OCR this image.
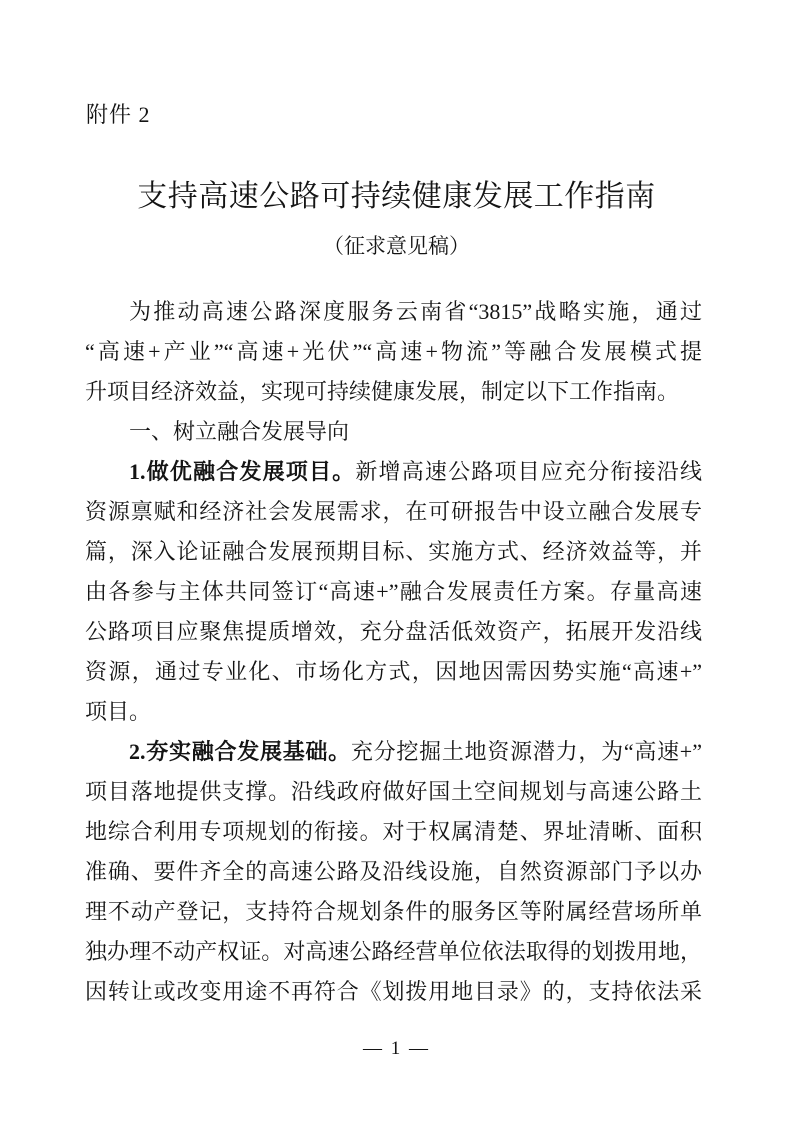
附件 2
支持高速公路可持续健康发展工作指南
（征求意见稿）
为推动高速公路深度服务云南省“3815”战略实施，通过
“高速+产业”“高速+光伏”“高速+物流”等融合发展模式提
升项目经济效益，实现可持续健康发展，制定以下工作指南。
一、树立融合发展导向
1.做优融合发展项目。新增高速公路项目应充分衔接沿线
资源禀赋和经济社会发展需求，在可研报告中设立融合发展专
篇，深入论证融合发展预期目标、实施方式、经济效益等，并
由各参与主体共同签订“高速+”融合发展责任方案。存量高速
公路项目应聚焦提质增效，充分盘活低效资产，拓展开发沿线
资源，通过专业化、市场化方式，因地因需因势实施“高速+”
项目。
2.夯实融合发展基础。充分挖掘土地资源潜力，为“高速+”
项目落地提供支撑。沿线政府做好国土空间规划与高速公路土
地综合利用专项规划的衔接。对于权属清楚、界址清晰、面积
准确、要件齐全的高速公路及沿线设施，自然资源部门予以办
理不动产登记，支持符合规划条件的服务区等附属经营场所单
独办理不动产权证。对高速公路经营单位依法取得的划拨用地，
因转让或改变用途不再符合《划拨用地目录》的，支持依法采
— 1 —
